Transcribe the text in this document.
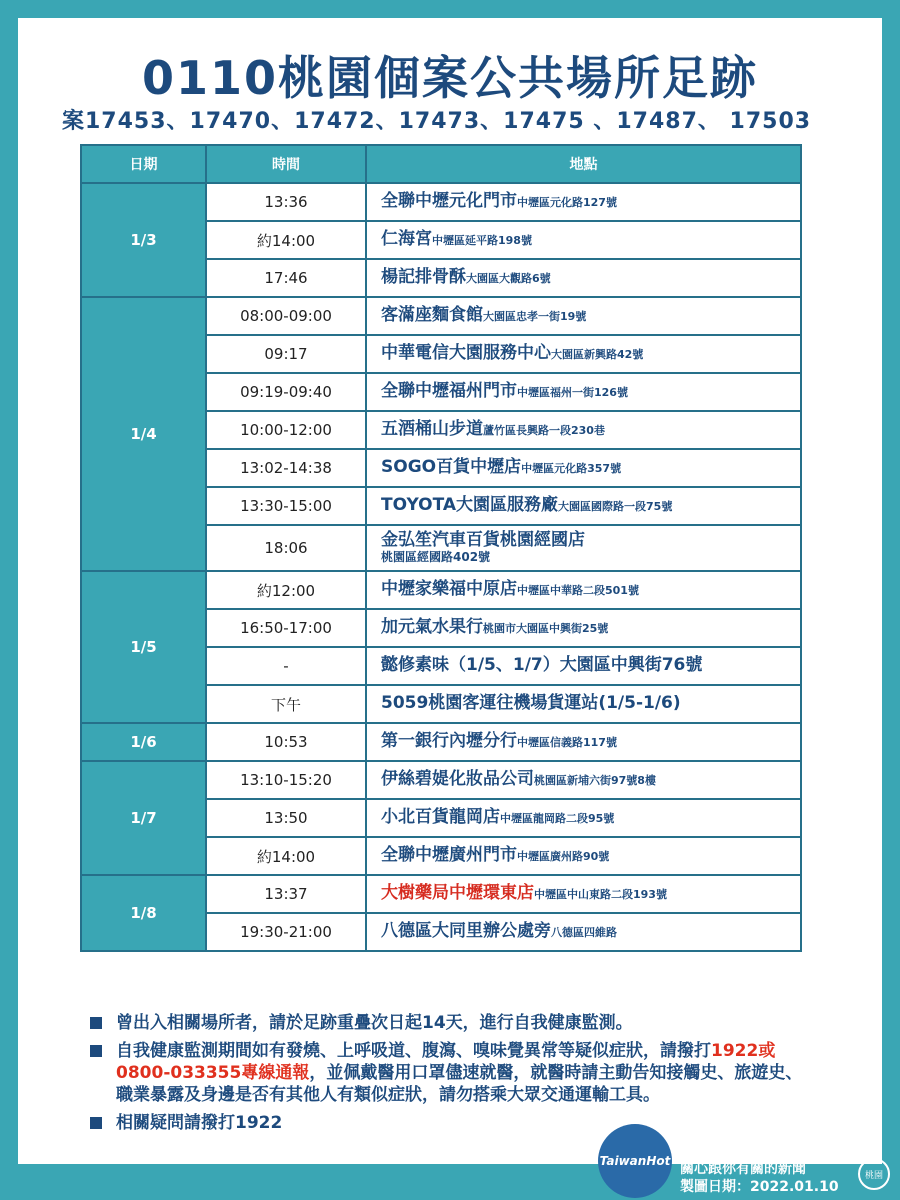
0110桃園個案公共場所足跡
案17453、17470、17472、17473、17475 、17487、 17503
日期	時間	地點
1/3	13:36	全聯中壢元化門市中壢區元化路127號
	約14:00	仁海宮中壢區延平路198號
	17:46	楊記排骨酥大園區大觀路6號
1/4	08:00-09:00	客滿座麵食館大園區忠孝一街19號
	09:17	中華電信大園服務中心大園區新興路42號
	09:19-09:40	全聯中壢福州門市中壢區福州一街126號
	10:00-12:00	五酒桶山步道蘆竹區長興路一段230巷
	13:02-14:38	SOGO百貨中壢店中壢區元化路357號
	13:30-15:00	TOYOTA大園區服務廠大園區國際路一段75號
	18:06	金弘笙汽車百貨桃園經國店
桃園區經國路402號

1/5	約12:00	中壢家樂福中原店中壢區中華路二段501號
	16:50-17:00	加元氣水果行桃園市大園區中興街25號
	-	懿修素味（1/5、1/7）大園區中興街76號
	下午	5059桃園客運往機場貨運站(1/5-1/6)
1/6	10:53	第一銀行內壢分行中壢區信義路117號
1/7	13:10-15:20	伊絲碧媞化妝品公司桃園區新埔六街97號8樓
	13:50	小北百貨龍岡店中壢區龍岡路二段95號
	約14:00	全聯中壢廣州門市中壢區廣州路90號
1/8	13:37	大樹藥局中壢環東店中壢區中山東路二段193號
	19:30-21:00	八德區大同里辦公處旁八德區四維路
曾出入相關場所者，請於足跡重疊次日起14天，進行自我健康監測。
自我健康監測期間如有發燒、上呼吸道、腹瀉、嗅味覺異常等疑似症狀，請撥打1922或0800-033355專線通報，並佩戴醫用口罩儘速就醫，就醫時請主動告知接觸史、旅遊史、職業暴露及身邊是否有其他人有類似症狀，請勿搭乘大眾交通運輸工具。
相關疑問請撥打1922
TaiwanHot 關心跟你有關的新聞
製圖日期：2022.01.10
桃園
